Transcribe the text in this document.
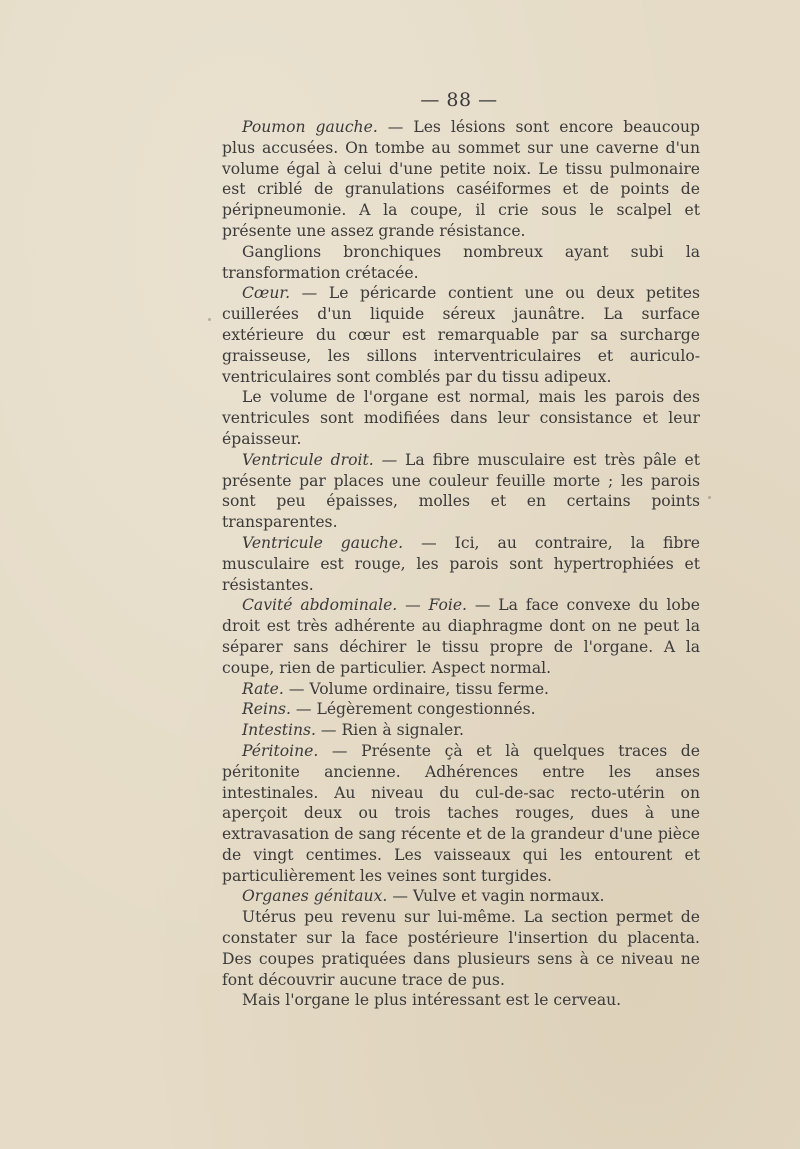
— 88 —

Poumon gauche. — Les lésions sont encore beaucoup plus accusées. On tombe au sommet sur une caverne d'un volume égal à celui d'une petite noix. Le tissu pulmonaire est criblé de granulations caséiformes et de points de péripneumonie. A la coupe, il crie sous le scalpel et présente une assez grande résistance.

Ganglions bronchiques nombreux ayant subi la transformation crétacée.

Cœur. — Le péricarde contient une ou deux petites cuillerées d'un liquide séreux jaunâtre. La surface extérieure du cœur est remarquable par sa surcharge graisseuse, les sillons interventriculaires et auriculo-ventriculaires sont comblés par du tissu adipeux.

Le volume de l'organe est normal, mais les parois des ventricules sont modifiées dans leur consistance et leur épaisseur.

Ventricule droit. — La fibre musculaire est très pâle et présente par places une couleur feuille morte ; les parois sont peu épaisses, molles et en certains points transparentes.

Ventricule gauche. — Ici, au contraire, la fibre musculaire est rouge, les parois sont hypertrophiées et résistantes.

Cavité abdominale. — Foie. — La face convexe du lobe droit est très adhérente au diaphragme dont on ne peut la séparer sans déchirer le tissu propre de l'organe. A la coupe, rien de particulier. Aspect normal.

Rate. — Volume ordinaire, tissu ferme.

Reins. — Légèrement congestionnés.

Intestins. — Rien à signaler.

Péritoine. — Présente çà et là quelques traces de péritonite ancienne. Adhérences entre les anses intestinales. Au niveau du cul-de-sac recto-utérin on aperçoit deux ou trois taches rouges, dues à une extravasation de sang récente et de la grandeur d'une pièce de vingt centimes. Les vaisseaux qui les entourent et particulièrement les veines sont turgides.

Organes génitaux. — Vulve et vagin normaux.

Utérus peu revenu sur lui-même. La section permet de constater sur la face postérieure l'insertion du placenta. Des coupes pratiquées dans plusieurs sens à ce niveau ne font découvrir aucune trace de pus.

Mais l'organe le plus intéressant est le cerveau.
